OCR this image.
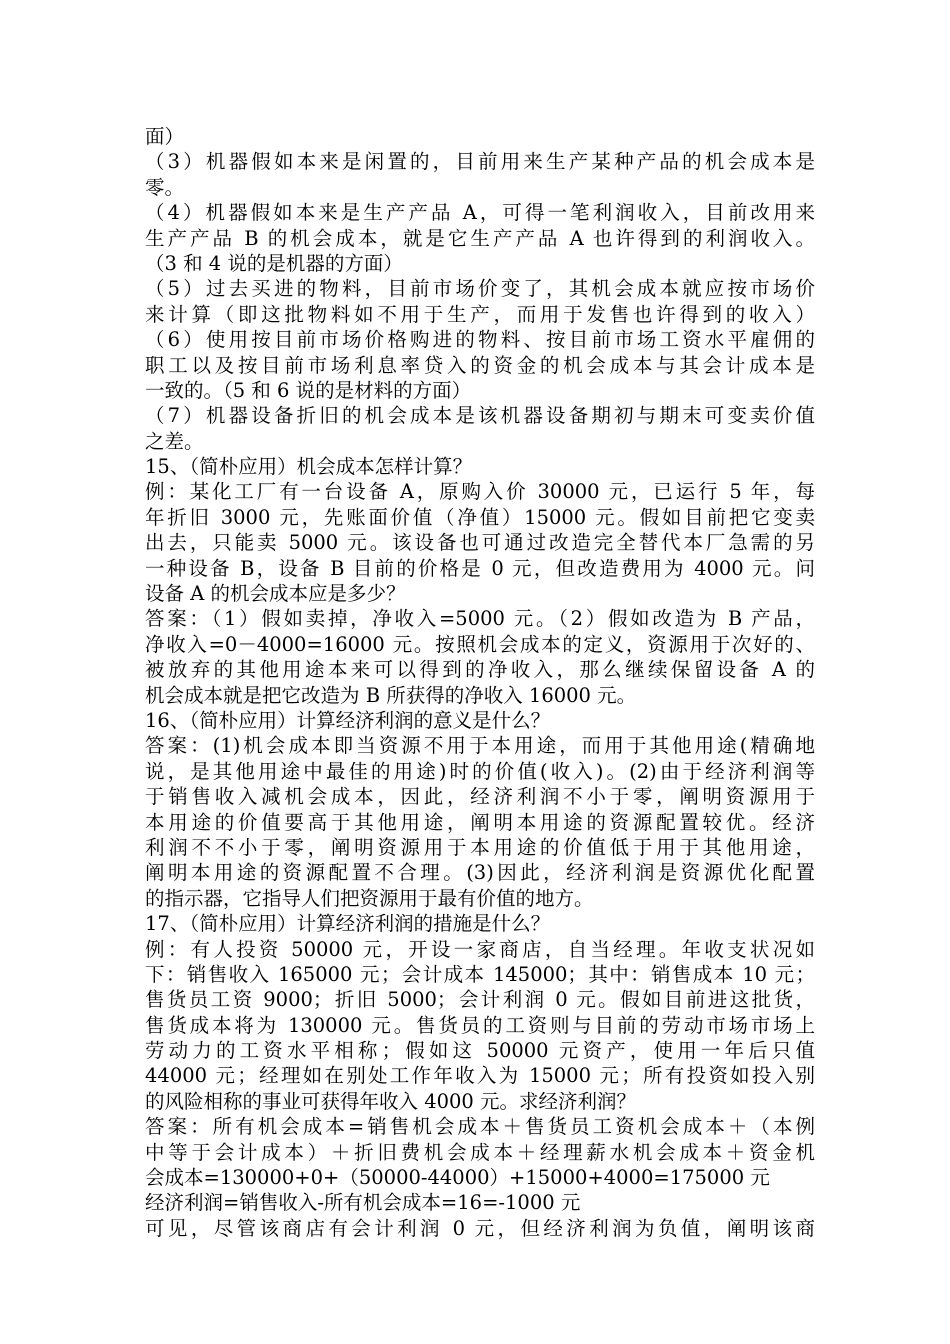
面）
（3）机器假如本来是闲置的，目前用来生产某种产品的机会成本是
零。
（4）机器假如本来是生产产品 A，可得一笔利润收入，目前改用来
生产产品 B 的机会成本，就是它生产产品 A 也许得到的利润收入。
（3 和 4 说的是机器的方面）
（5）过去买进的物料，目前市场价变了，其机会成本就应按市场价
来计算（即这批物料如不用于生产，而用于发售也许得到的收入）
（6）使用按目前市场价格购进的物料、按目前市场工资水平雇佣的
职工以及按目前市场利息率贷入的资金的机会成本与其会计成本是
一致的。（5 和 6 说的是材料的方面）
（7）机器设备折旧的机会成本是该机器设备期初与期末可变卖价值
之差。
15、（简朴应用）机会成本怎样计算？
例：某化工厂有一台设备 A，原购入价 30000 元，已运行 5 年，每
年折旧 3000 元，先账面价值（净值）15000 元。假如目前把它变卖
出去，只能卖 5000 元。该设备也可通过改造完全替代本厂急需的另
一种设备 B，设备 B 目前的价格是 0 元，但改造费用为 4000 元。问
设备 A 的机会成本应是多少？
答案：（1）假如卖掉，净收入=5000 元。（2）假如改造为 B 产品，
净收入=0－4000=16000 元。按照机会成本的定义，资源用于次好的、
被放弃的其他用途本来可以得到的净收入，那么继续保留设备 A 的
机会成本就是把它改造为 B 所获得的净收入 16000 元。
16、（简朴应用）计算经济利润的意义是什么？
答案：(1)机会成本即当资源不用于本用途，而用于其他用途(精确地
说，是其他用途中最佳的用途)时的价值(收入)。(2)由于经济利润等
于销售收入减机会成本，因此，经济利润不小于零，阐明资源用于
本用途的价值要高于其他用途，阐明本用途的资源配置较优。经济
利润不不小于零，阐明资源用于本用途的价值低于用于其他用途，
阐明本用途的资源配置不合理。(3)因此，经济利润是资源优化配置
的指示器，它指导人们把资源用于最有价值的地方。
17、（简朴应用）计算经济利润的措施是什么？
例：有人投资 50000 元，开设一家商店，自当经理。年收支状况如
下：销售收入 165000 元；会计成本 145000；其中：销售成本 10 元；
售货员工资 9000；折旧 5000；会计利润 0 元。假如目前进这批货，
售货成本将为 130000 元。售货员的工资则与目前的劳动市场市场上
劳动力的工资水平相称；假如这 50000 元资产，使用一年后只值
44000 元；经理如在别处工作年收入为 15000 元；所有投资如投入别
的风险相称的事业可获得年收入 4000 元。求经济利润？
答案：所有机会成本=销售机会成本＋售货员工资机会成本＋（本例
中等于会计成本）＋折旧费机会成本＋经理薪水机会成本＋资金机
会成本=130000+0+（50000-44000）+15000+4000=175000 元
经济利润=销售收入-所有机会成本=16=-1000 元
可见，尽管该商店有会计利润 0 元，但经济利润为负值，阐明该商
